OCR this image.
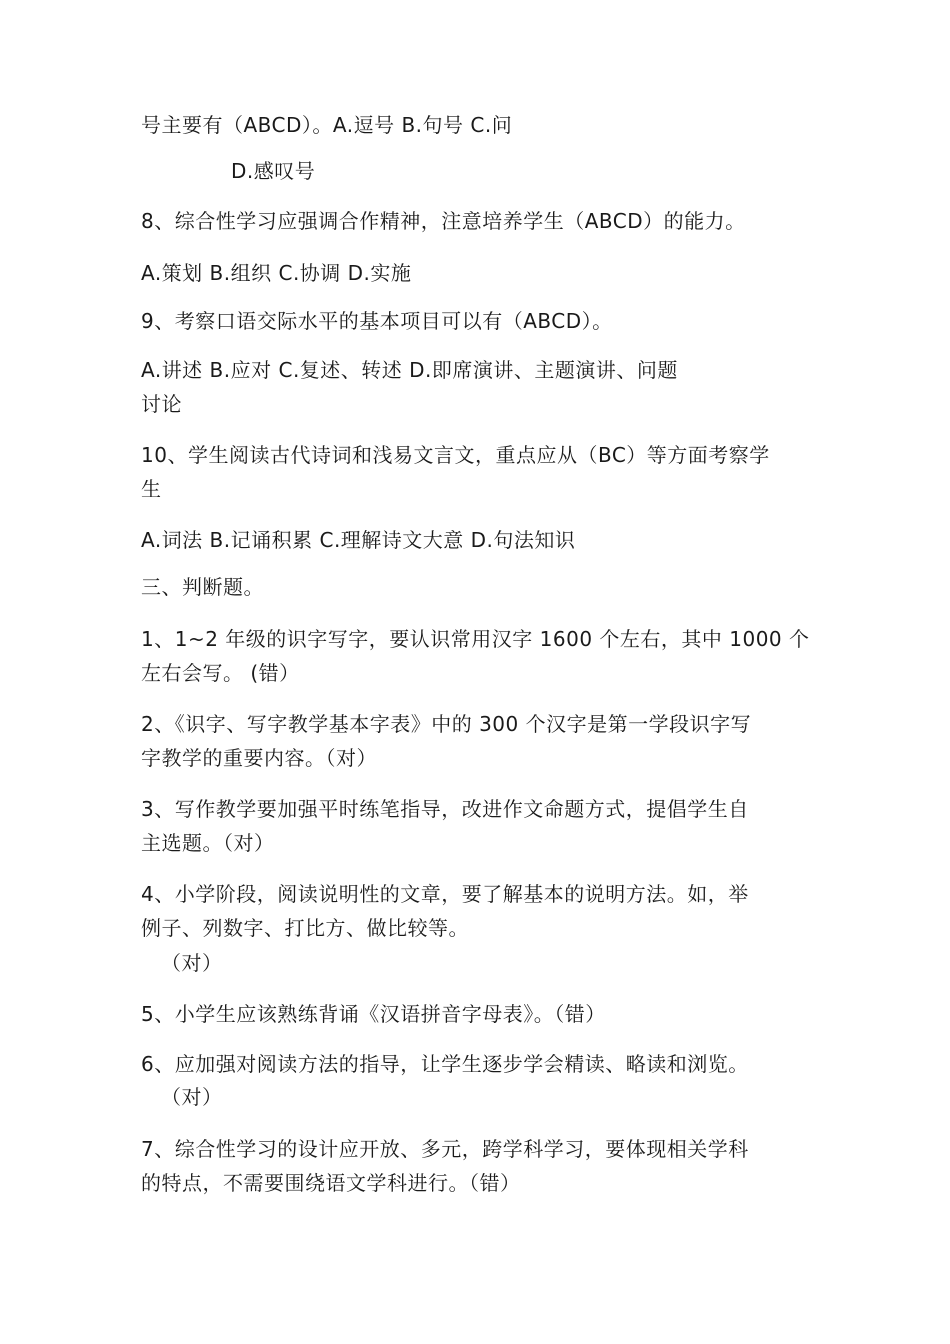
号主要有（ABCD）。A.逗号 B.句号 C.问
D.感叹号
8、综合性学习应强调合作精神，注意培养学生（ABCD）的能力。
A.策划 B.组织 C.协调 D.实施
9、考察口语交际水平的基本项目可以有（ABCD）。
A.讲述 B.应对 C.复述、转述 D.即席演讲、主题演讲、问题
讨论
10、学生阅读古代诗词和浅易文言文，重点应从（BC）等方面考察学
生
A.词法 B.记诵积累 C.理解诗文大意 D.句法知识
三、判断题。
1、1~2 年级的识字写字，要认识常用汉字 1600 个左右，其中 1000 个
左右会写。 (错）
2、《识字、写字教学基本字表》中的 300 个汉字是第一学段识字写
字教学的重要内容。（对）
3、写作教学要加强平时练笔指导，改进作文命题方式，提倡学生自
主选题。（对）
4、小学阶段，阅读说明性的文章，要了解基本的说明方法。如，举
例子、列数字、打比方、做比较等。
（对）
5、小学生应该熟练背诵《汉语拼音字母表》。（错）
6、应加强对阅读方法的指导，让学生逐步学会精读、略读和浏览。
（对）
7、综合性学习的设计应开放、多元，跨学科学习，要体现相关学科
的特点，不需要围绕语文学科进行。（错）
